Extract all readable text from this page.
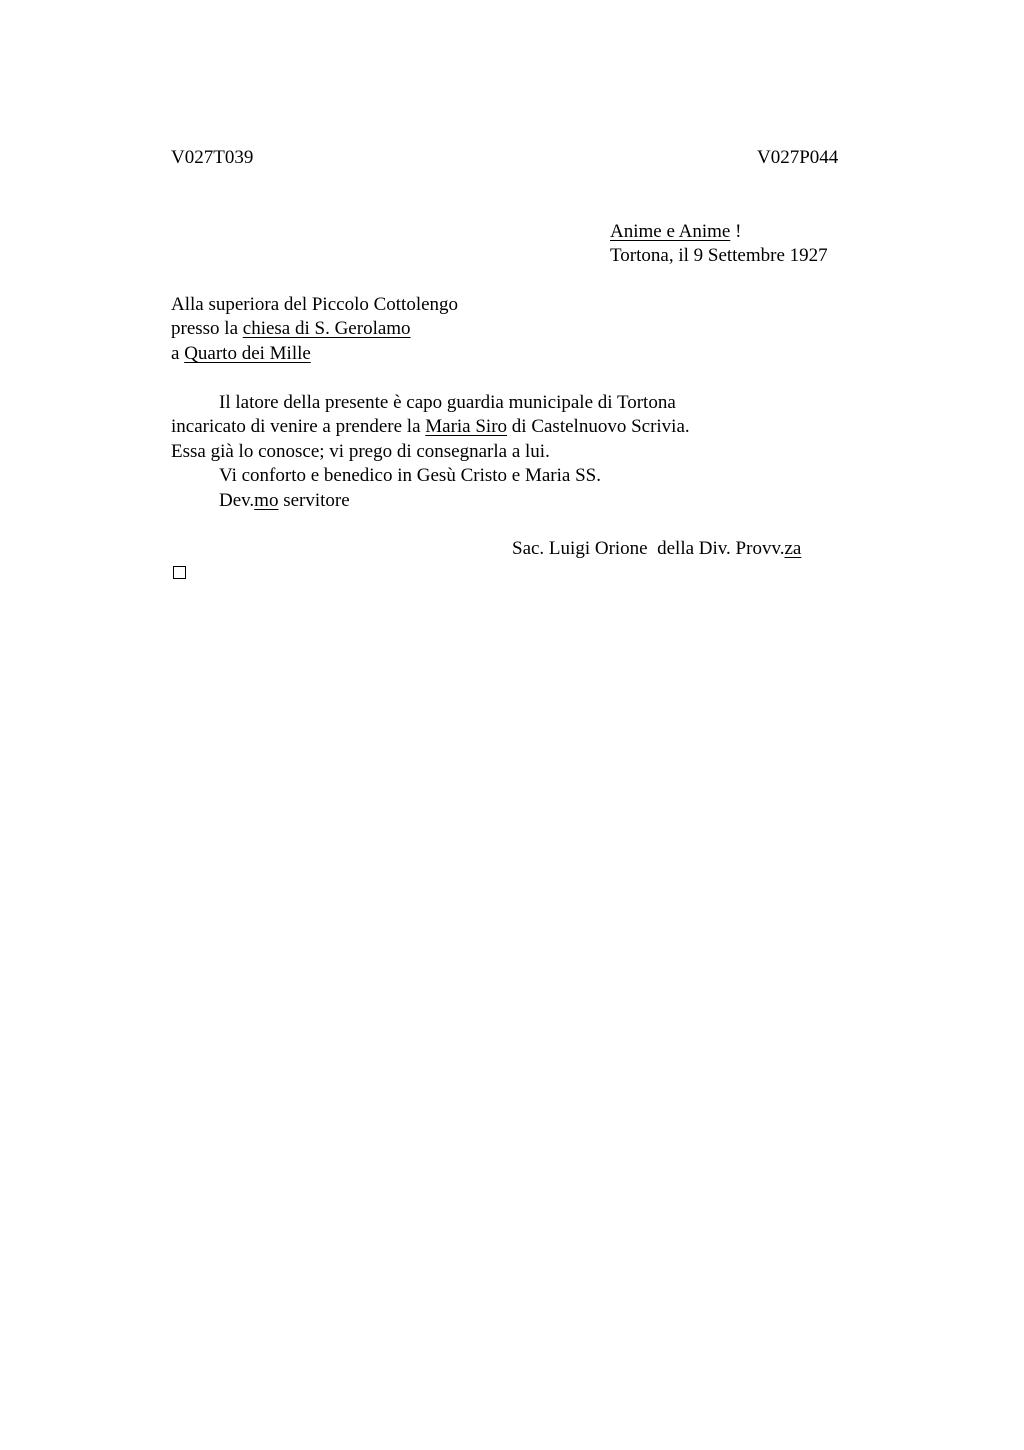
V027T039	V027P044
Anime e Anime !
Tortona, il 9 Settembre 1927
Alla superiora del Piccolo Cottolengo
presso la chiesa di S. Gerolamo
a Quarto dei Mille
Il latore della presente è capo guardia municipale di Tortona
incaricato di venire a prendere la Maria Siro di Castelnuovo Scrivia.
Essa già lo conosce; vi prego di consegnarla a lui.
Vi conforto e benedico in Gesù Cristo e Maria SS.
Dev.mo servitore
Sac. Luigi Orione  della Div. Provv.za
